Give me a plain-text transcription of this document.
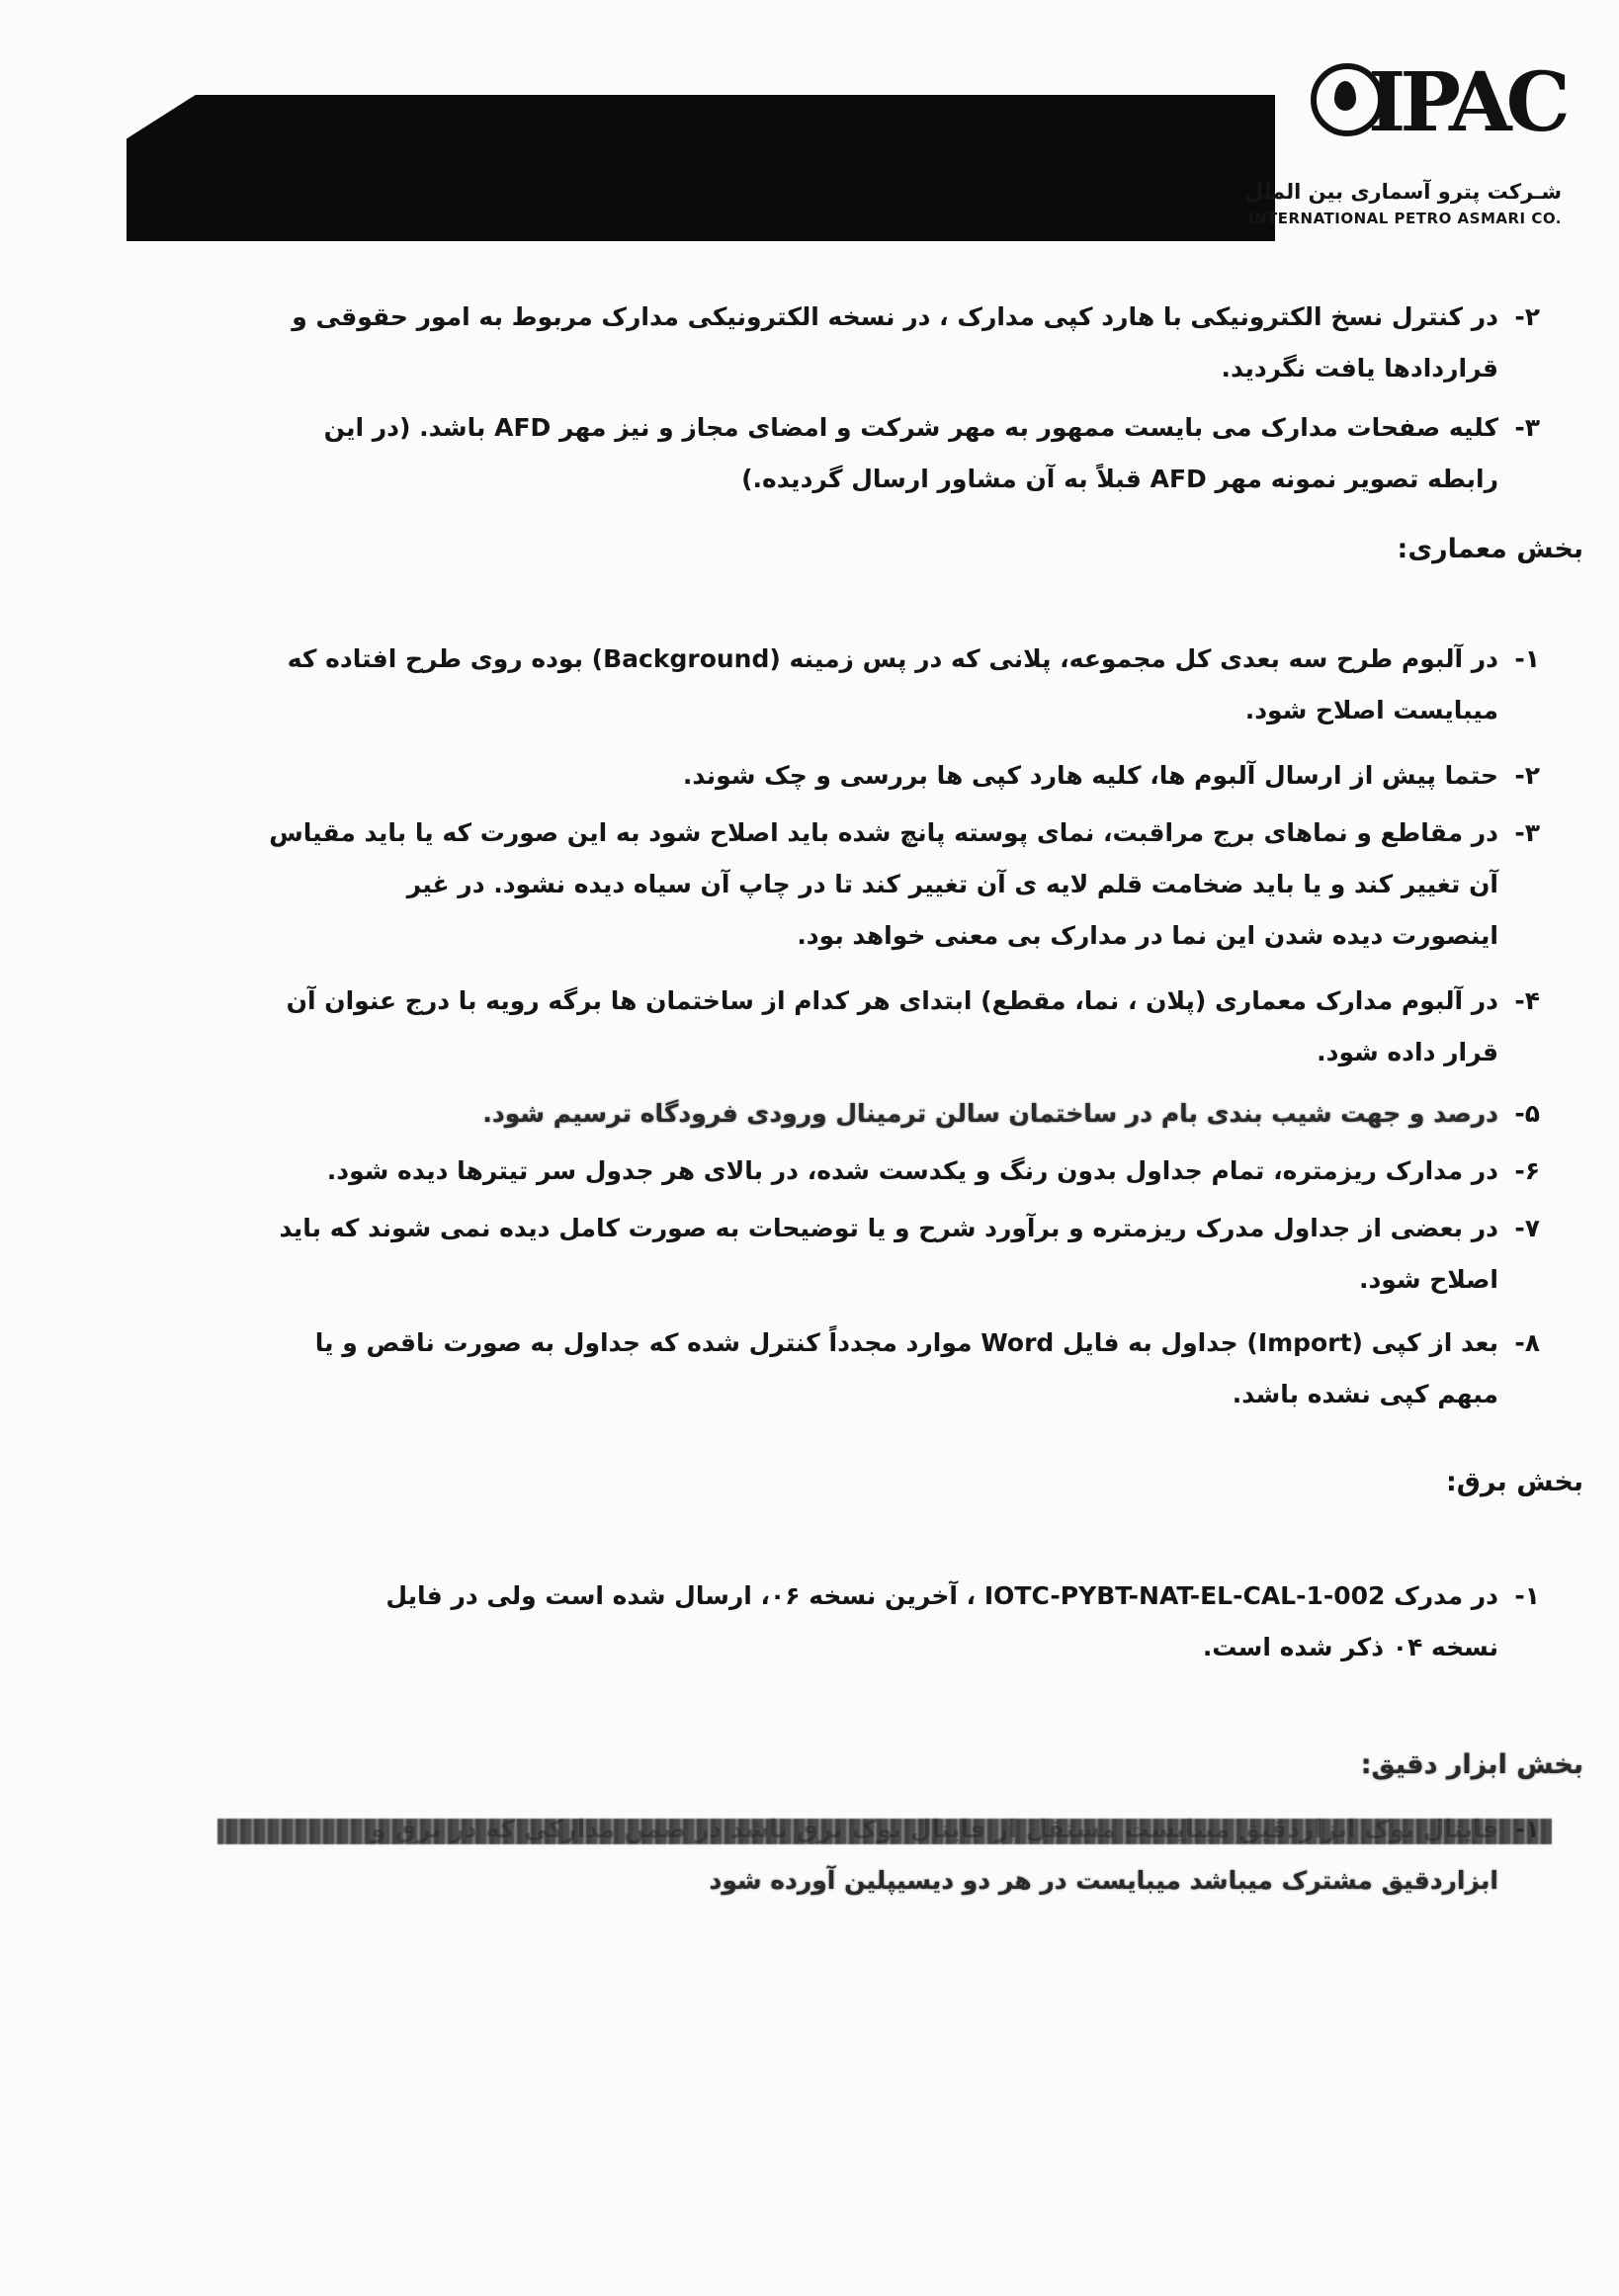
IPAC
شـركت پترو آسماری بین الملل
INTERNATIONAL PETRO ASMARI CO.
۲-
در کنترل نسخ الکترونیکی با هارد کپی مدارک ، در نسخه الکترونیکی مدارک مربوط به امور حقوقی و
قراردادها یافت نگردید.
۳-
کلیه صفحات مدارک می بایست ممهور به مهر شرکت و امضای مجاز و نیز مهر AFD باشد. (در این
رابطه تصویر نمونه مهر AFD قبلاً به آن مشاور ارسال گردیده.)
بخش معماری:
۱-
در آلبوم طرح سه بعدی کل مجموعه، پلانی که در پس زمینه (Background) بوده روی طرح افتاده که
میبایست اصلاح شود.
۲-
حتما پیش از ارسال آلبوم ها، کلیه هارد کپی ها بررسی و چک شوند.
۳-
در مقاطع و نماهای برج مراقبت، نمای پوسته پانچ شده باید اصلاح شود به این صورت که یا باید مقیاس
آن تغییر کند و یا باید ضخامت قلم لایه ی آن تغییر کند تا در چاپ آن سیاه دیده نشود. در غیر
اینصورت دیده شدن این نما در مدارک بی معنی خواهد بود.
۴-
در آلبوم مدارک معماری (پلان ، نما، مقطع) ابتدای هر کدام از ساختمان ها برگه رویه با درج عنوان آن
قرار داده شود.
۵-
درصد و جهت شیب بندی بام در ساختمان سالن ترمینال ورودی فرودگاه ترسیم شود.
۶-
در مدارک ریزمتره، تمام جداول بدون رنگ و یکدست شده، در بالای هر جدول سر تیترها دیده شود.
۷-
در بعضی از جداول مدرک ریزمتره و برآورد شرح و یا توضیحات به صورت کامل دیده نمی شوند که باید
اصلاح شود.
۸-
بعد از کپی (Import) جداول به فایل Word موارد مجدداً کنترل شده که جداول به صورت ناقص و یا
مبهم کپی نشده باشد.
بخش برق:
۱-
در مدرک IOTC-PYBT-NAT-EL-CAL-1-002 ، آخرین نسخه ۰۶، ارسال شده است ولی در فایل
نسخه ۰۴ ذکر شده است.
بخش ابزار دقیق:
۱-
فاینال بوک ابزاردقیق میبایست مستقل از فاینال بوک برق باشد در ضمن مدارکی که در برق و
ابزاردقیق مشترک میباشد میبایست در هر دو دیسیپلین آورده شود
